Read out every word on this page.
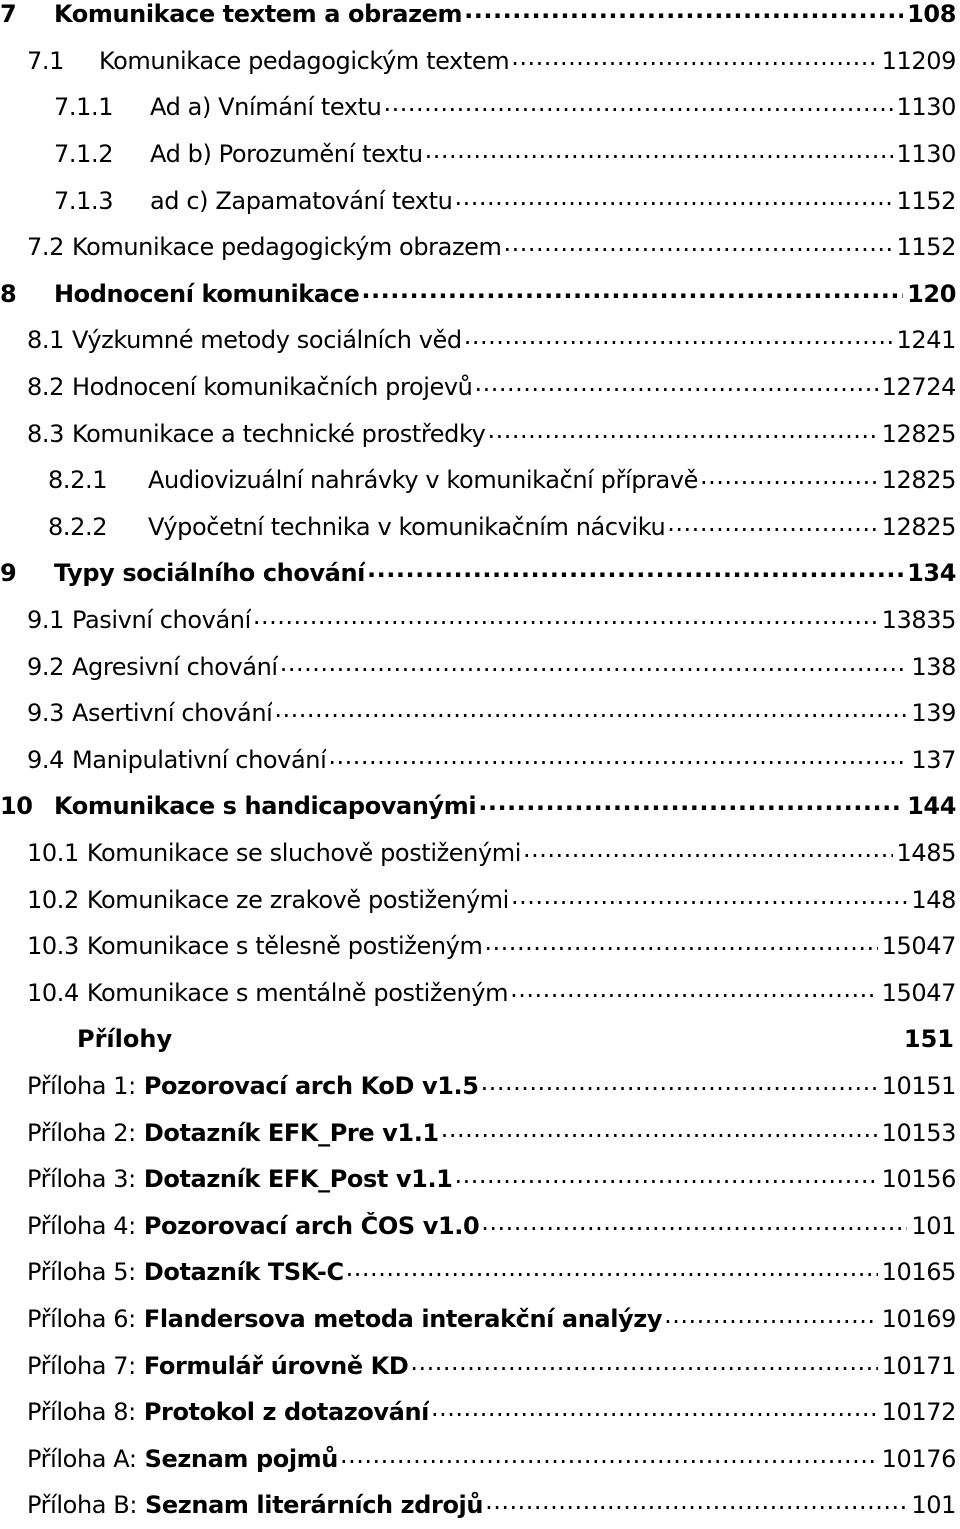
7	Komunikace textem a obrazem .....	108
7.1	Komunikace pedagogickým textem .....	11209
7.1.1	Ad a) Vnímání textu .....	1130
7.1.2	Ad b) Porozumění textu .....	1130
7.1.3	ad c) Zapamatování textu .....	1152
7.2 Komunikace pedagogickým obrazem .....	1152
8	Hodnocení komunikace .....	120
8.1 Výzkumné metody sociálních věd .....	1241
8.2 Hodnocení komunikačních projevů .....	12724
8.3 Komunikace a technické prostředky .....	12825
8.2.1	Audiovizuální nahrávky v komunikační přípravě .....	12825
8.2.2	Výpočetní technika v komunikačním nácviku .....	12825
9	Typy sociálního chování .....	134
9.1 Pasivní chování .....	13835
9.2 Agresivní chování .....	138
9.3 Asertivní chování .....	139
9.4 Manipulativní chování .....	137
10 Komunikace s handicapovanými .....	144
10.1 Komunikace se sluchově postiženými .....	1485
10.2 Komunikace ze zrakově postiženými .....	148
10.3 Komunikace s tělesně postiženým .....	15047
10.4 Komunikace s mentálně postiženým .....	15047
Přílohy	151
Příloha 1: Pozorovací arch KoD v1.5 .....	10151
Příloha 2: Dotazník EFK_Pre v1.1 .....	10153
Příloha 3: Dotazník EFK_Post v1.1 .....	10156
Příloha 4: Pozorovací arch ČOS v1.0 .....	101
Příloha 5: Dotazník TSK-C .....	10165
Příloha 6: Flandersova metoda interakční analýzy .....	10169
Příloha 7: Formulář úrovně KD .....	10171
Příloha 8: Protokol z dotazování .....	10172
Příloha A: Seznam pojmů .....	10176
Příloha B: Seznam literárních zdrojů .....	101
